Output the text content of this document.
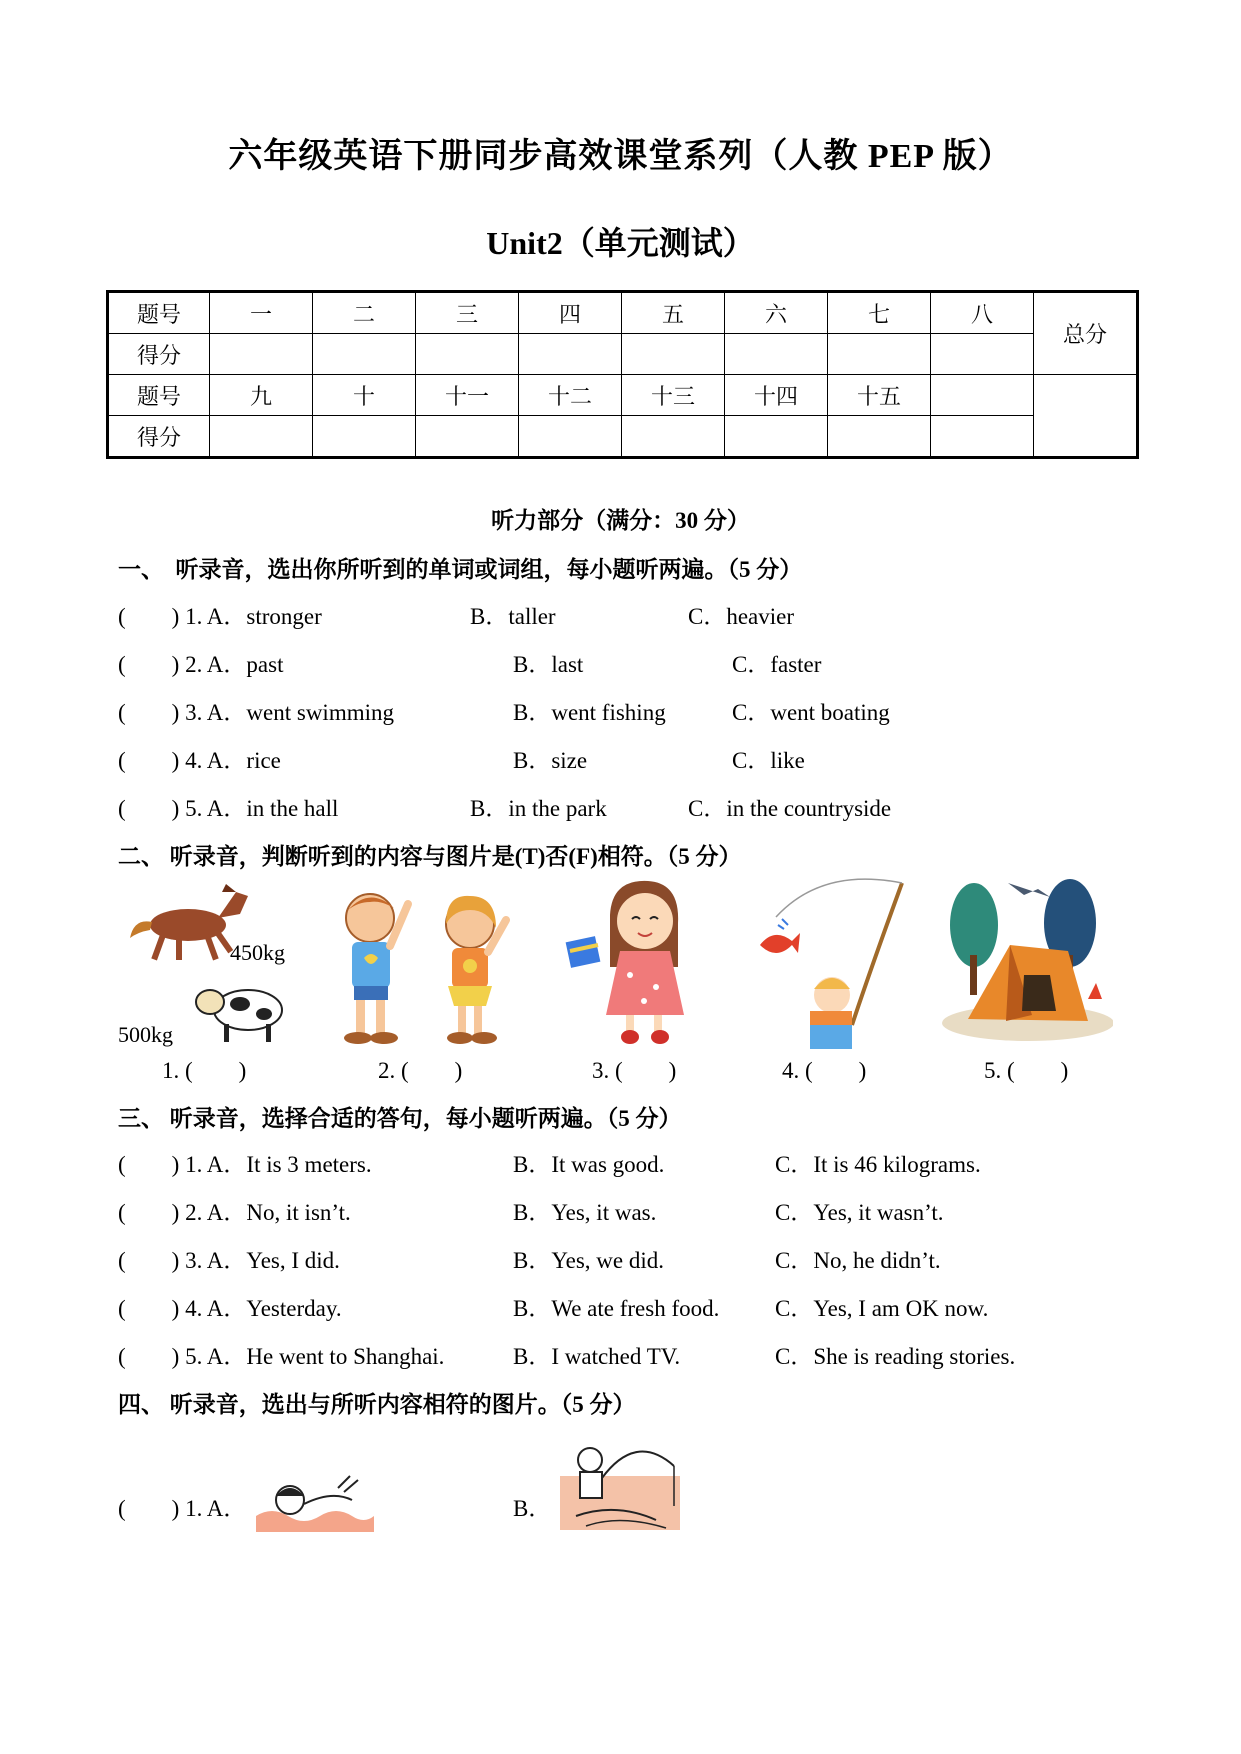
六年级英语下册同步高效课堂系列（人教 PEP 版）
Unit2（单元测试）
题号	一	二	三	四	五	六	七	八	总分
得分									
题号	九	十	十一	十二	十三	十四	十五		
得分									
听力部分（满分：30 分）
一、　听录音，选出你所听到的单词或词组，每小题听两遍。（5 分）
(　　) 1. A．stronger	B．taller	C．heavier
(　　) 2. A．past	B．last	C．faster
(　　) 3. A．went swimming	B．went fishing	C．went boating
(　　) 4. A．rice	B．size	C．like
(　　) 5. A．in the hall	B．in the park	C．in the countryside
二、 听录音，判断听到的内容与图片是(T)否(F)相符。（5 分）
450kg
500kg
1. (　　)	2. (　　)	3. (　　)	4. (　　)	5. (　　)
三、 听录音，选择合适的答句，每小题听两遍。（5 分）
(　　) 1. A．It is 3 meters.	B．It was good.	C．It is 46 kilograms.
(　　) 2. A．No, it isn’t.	B．Yes, it was.	C．Yes, it wasn’t.
(　　) 3. A．Yes, I did.	B．Yes, we did.	C．No, he didn’t.
(　　) 4. A．Yesterday.	B．We ate fresh food. C．Yes, I am OK now.
(　　) 5. A．He went to Shanghai.	B．I watched TV.	C．She is reading stories.
四、 听录音，选出与所听内容相符的图片。（5 分）
(　　) 1. A．	B．
